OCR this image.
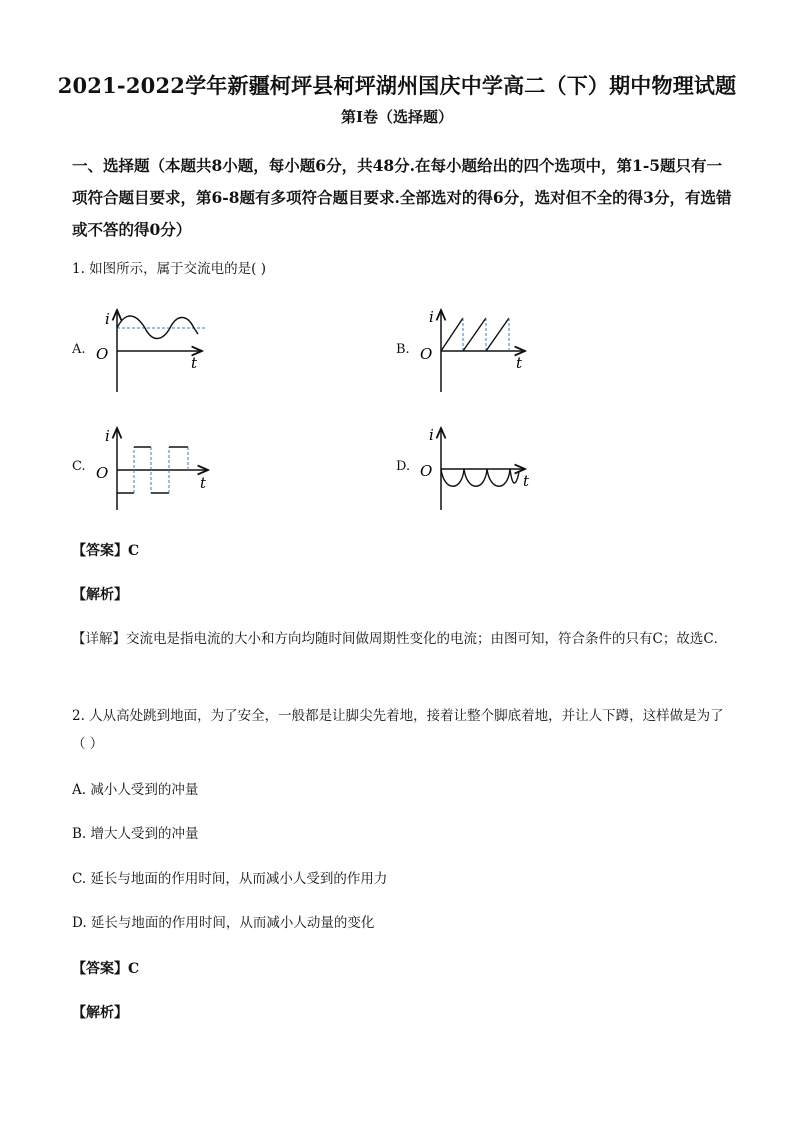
2021-2022学年新疆柯坪县柯坪湖州国庆中学高二（下）期中物理试题
第I卷（选择题）
一、选择题（本题共8小题，每小题6分，共48分.在每小题给出的四个选项中，第1-5题只有一项符合题目要求，第6-8题有多项符合题目要求.全部选对的得6分，选对但不全的得3分，有选错或不答的得0分）
1. 如图所示，属于交流电的是( )
A.
i
O	t
B.
i
O	t
C.
i
O
t
D.
i
O
t
【答案】C
【解析】
【详解】交流电是指电流的大小和方向均随时间做周期性变化的电流；由图可知，符合条件的只有C；故选C．
2. 人从高处跳到地面，为了安全，一般都是让脚尖先着地，接着让整个脚底着地，并让人下蹲，这样做是为了（ ）
A. 减小人受到的冲量
B. 增大人受到的冲量
C. 延长与地面的作用时间，从而减小人受到的作用力
D. 延长与地面的作用时间，从而减小人动量的变化
【答案】C
【解析】
